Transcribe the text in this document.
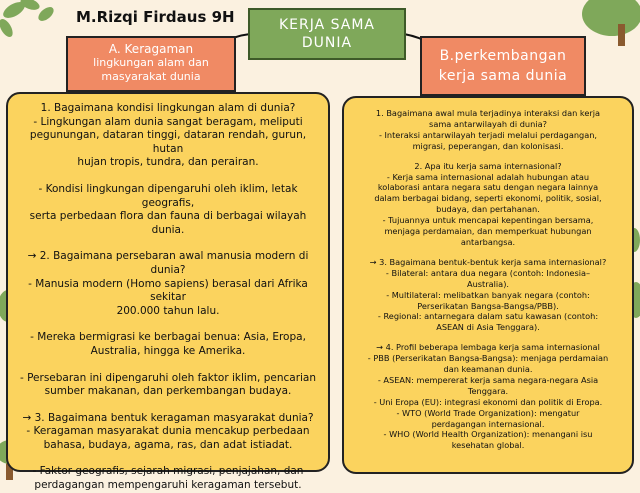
M.Rizqi Firdaus 9H	KERJA SAMA
DUNIA
A. Keragaman
lingkungan alam dan
masyarakat dunia
B.perkembangan
kerja sama dunia

1. Bagaimana kondisi lingkungan alam di dunia?

- Lingkungan alam dunia sangat beragam, meliputi

pegunungan, dataran tinggi, dataran rendah, gurun, hutan

hujan tropis, tundra, dan perairan.

- Kondisi lingkungan dipengaruhi oleh iklim, letak geografis,

serta perbedaan flora dan fauna di berbagai wilayah dunia.

→ 2. Bagaimana persebaran awal manusia modern di

dunia?

- Manusia modern (Homo sapiens) berasal dari Afrika sekitar

200.000 tahun lalu.

- Mereka bermigrasi ke berbagai benua: Asia, Eropa,

Australia, hingga ke Amerika.

- Persebaran ini dipengaruhi oleh faktor iklim, pencarian

sumber makanan, dan perkembangan budaya.

→ 3. Bagaimana bentuk keragaman masyarakat dunia?

- Keragaman masyarakat dunia mencakup perbedaan

bahasa, budaya, agama, ras, dan adat istiadat.

- Faktor geografis, sejarah migrasi, penjajahan, dan

perdagangan mempengaruhi keragaman tersebut.

1. Bagaimana awal mula terjadinya interaksi dan kerja

sama antarwilayah di dunia?

- Interaksi antarwilayah terjadi melalui perdagangan,

migrasi, peperangan, dan kolonisasi.

2. Apa itu kerja sama internasional?

- Kerja sama internasional adalah hubungan atau

kolaborasi antara negara satu dengan negara lainnya

dalam berbagai bidang, seperti ekonomi, politik, sosial,

budaya, dan pertahanan.

- Tujuannya untuk mencapai kepentingan bersama,

menjaga perdamaian, dan memperkuat hubungan

antarbangsa.

→ 3. Bagaimana bentuk-bentuk kerja sama internasional?

- Bilateral: antara dua negara (contoh: Indonesia–

Australia).

- Multilateral: melibatkan banyak negara (contoh:

Perserikatan Bangsa-Bangsa/PBB).

- Regional: antarnegara dalam satu kawasan (contoh:

ASEAN di Asia Tenggara).

→ 4. Profil beberapa lembaga kerja sama internasional

- PBB (Perserikatan Bangsa-Bangsa): menjaga perdamaian

dan keamanan dunia.

- ASEAN: mempererat kerja sama negara-negara Asia

Tenggara.

- Uni Eropa (EU): integrasi ekonomi dan politik di Eropa.

- WTO (World Trade Organization): mengatur

perdagangan internasional.

- WHO (World Health Organization): menangani isu

kesehatan global.
